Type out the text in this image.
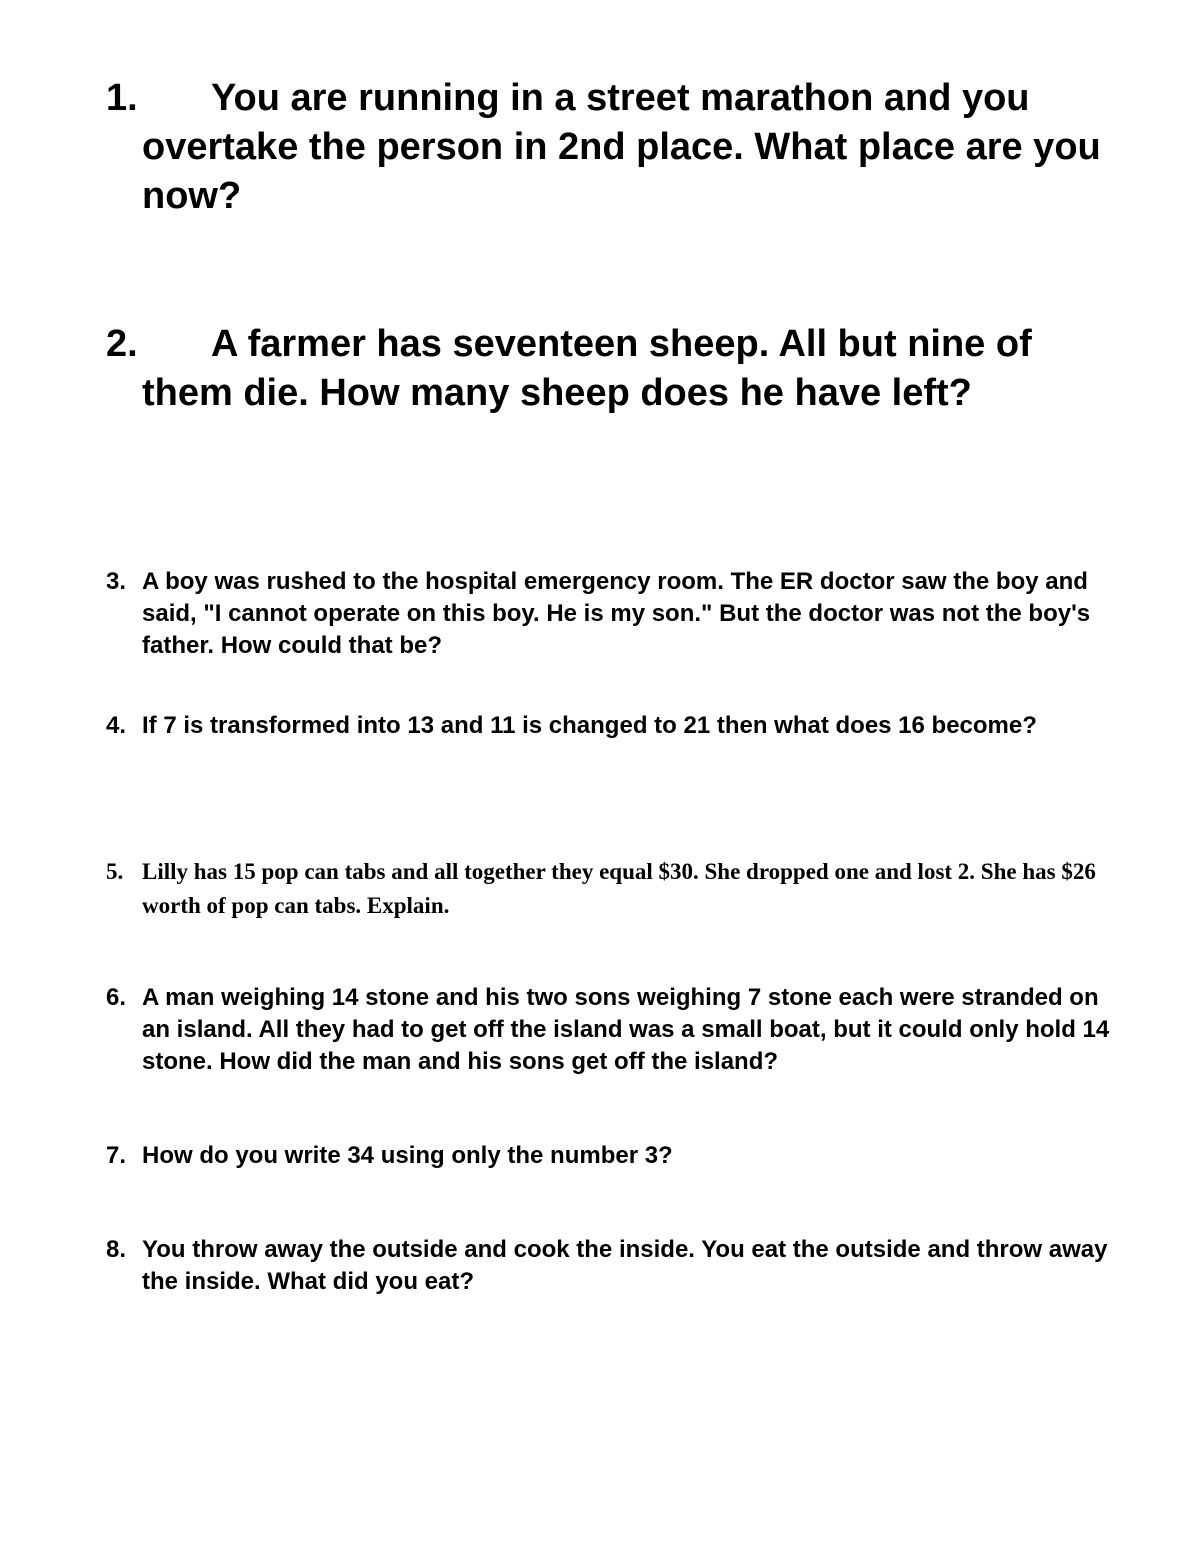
1.	You are running in a street marathon and you overtake the person in 2nd place. What place are you now?
2.	A farmer has seventeen sheep. All but nine of them die. How many sheep does he have left?
3. A boy was rushed to the hospital emergency room. The ER doctor saw the boy and said, "I cannot operate on this boy. He is my son." But the doctor was not the boy's father. How could that be?
4. If 7 is transformed into 13 and 11 is changed to 21 then what does 16 become?
5. Lilly has 15 pop can tabs and all together they equal $30. She dropped one and lost 2. She has $26 worth of pop can tabs. Explain.
6. A man weighing 14 stone and his two sons weighing 7 stone each were stranded on an island. All they had to get off the island was a small boat, but it could only hold 14 stone. How did the man and his sons get off the island?
7. How do you write 34 using only the number 3?
8. You throw away the outside and cook the inside. You eat the outside and throw away the inside. What did you eat?
